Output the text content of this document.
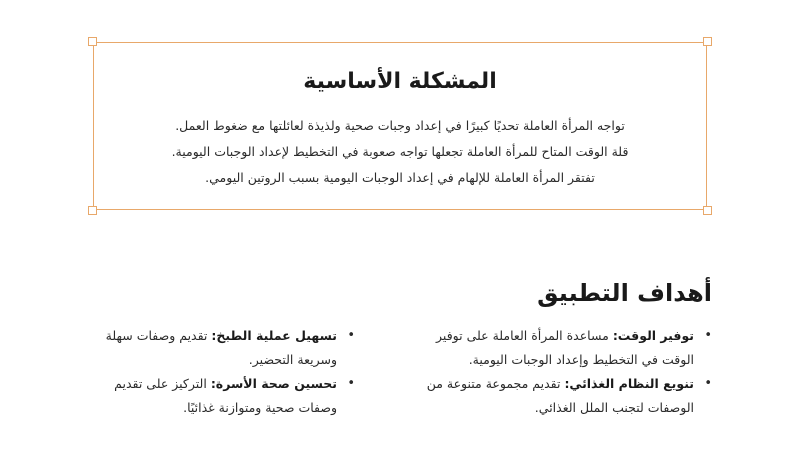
المشكلة الأساسية
تواجه المرأة العاملة تحديًا كبيرًا في إعداد وجبات صحية ولذيذة لعائلتها مع ضغوط العمل.
قلة الوقت المتاح للمرأة العاملة تجعلها تواجه صعوبة في التخطيط لإعداد الوجبات اليومية.
تفتقر المرأة العاملة للإلهام في إعداد الوجبات اليومية بسبب الروتين اليومي.
أهداف التطبيق
• توفير الوقت: مساعدة المرأة العاملة على توفير الوقت في التخطيط وإعداد الوجبات اليومية.
• تنويع النظام الغذائي: تقديم مجموعة متنوعة من الوصفات لتجنب الملل الغذائي.
• تسهيل عملية الطبخ: تقديم وصفات سهلة وسريعة التحضير.
• تحسين صحة الأسرة: التركيز على تقديم وصفات صحية ومتوازنة غذائيًا.
